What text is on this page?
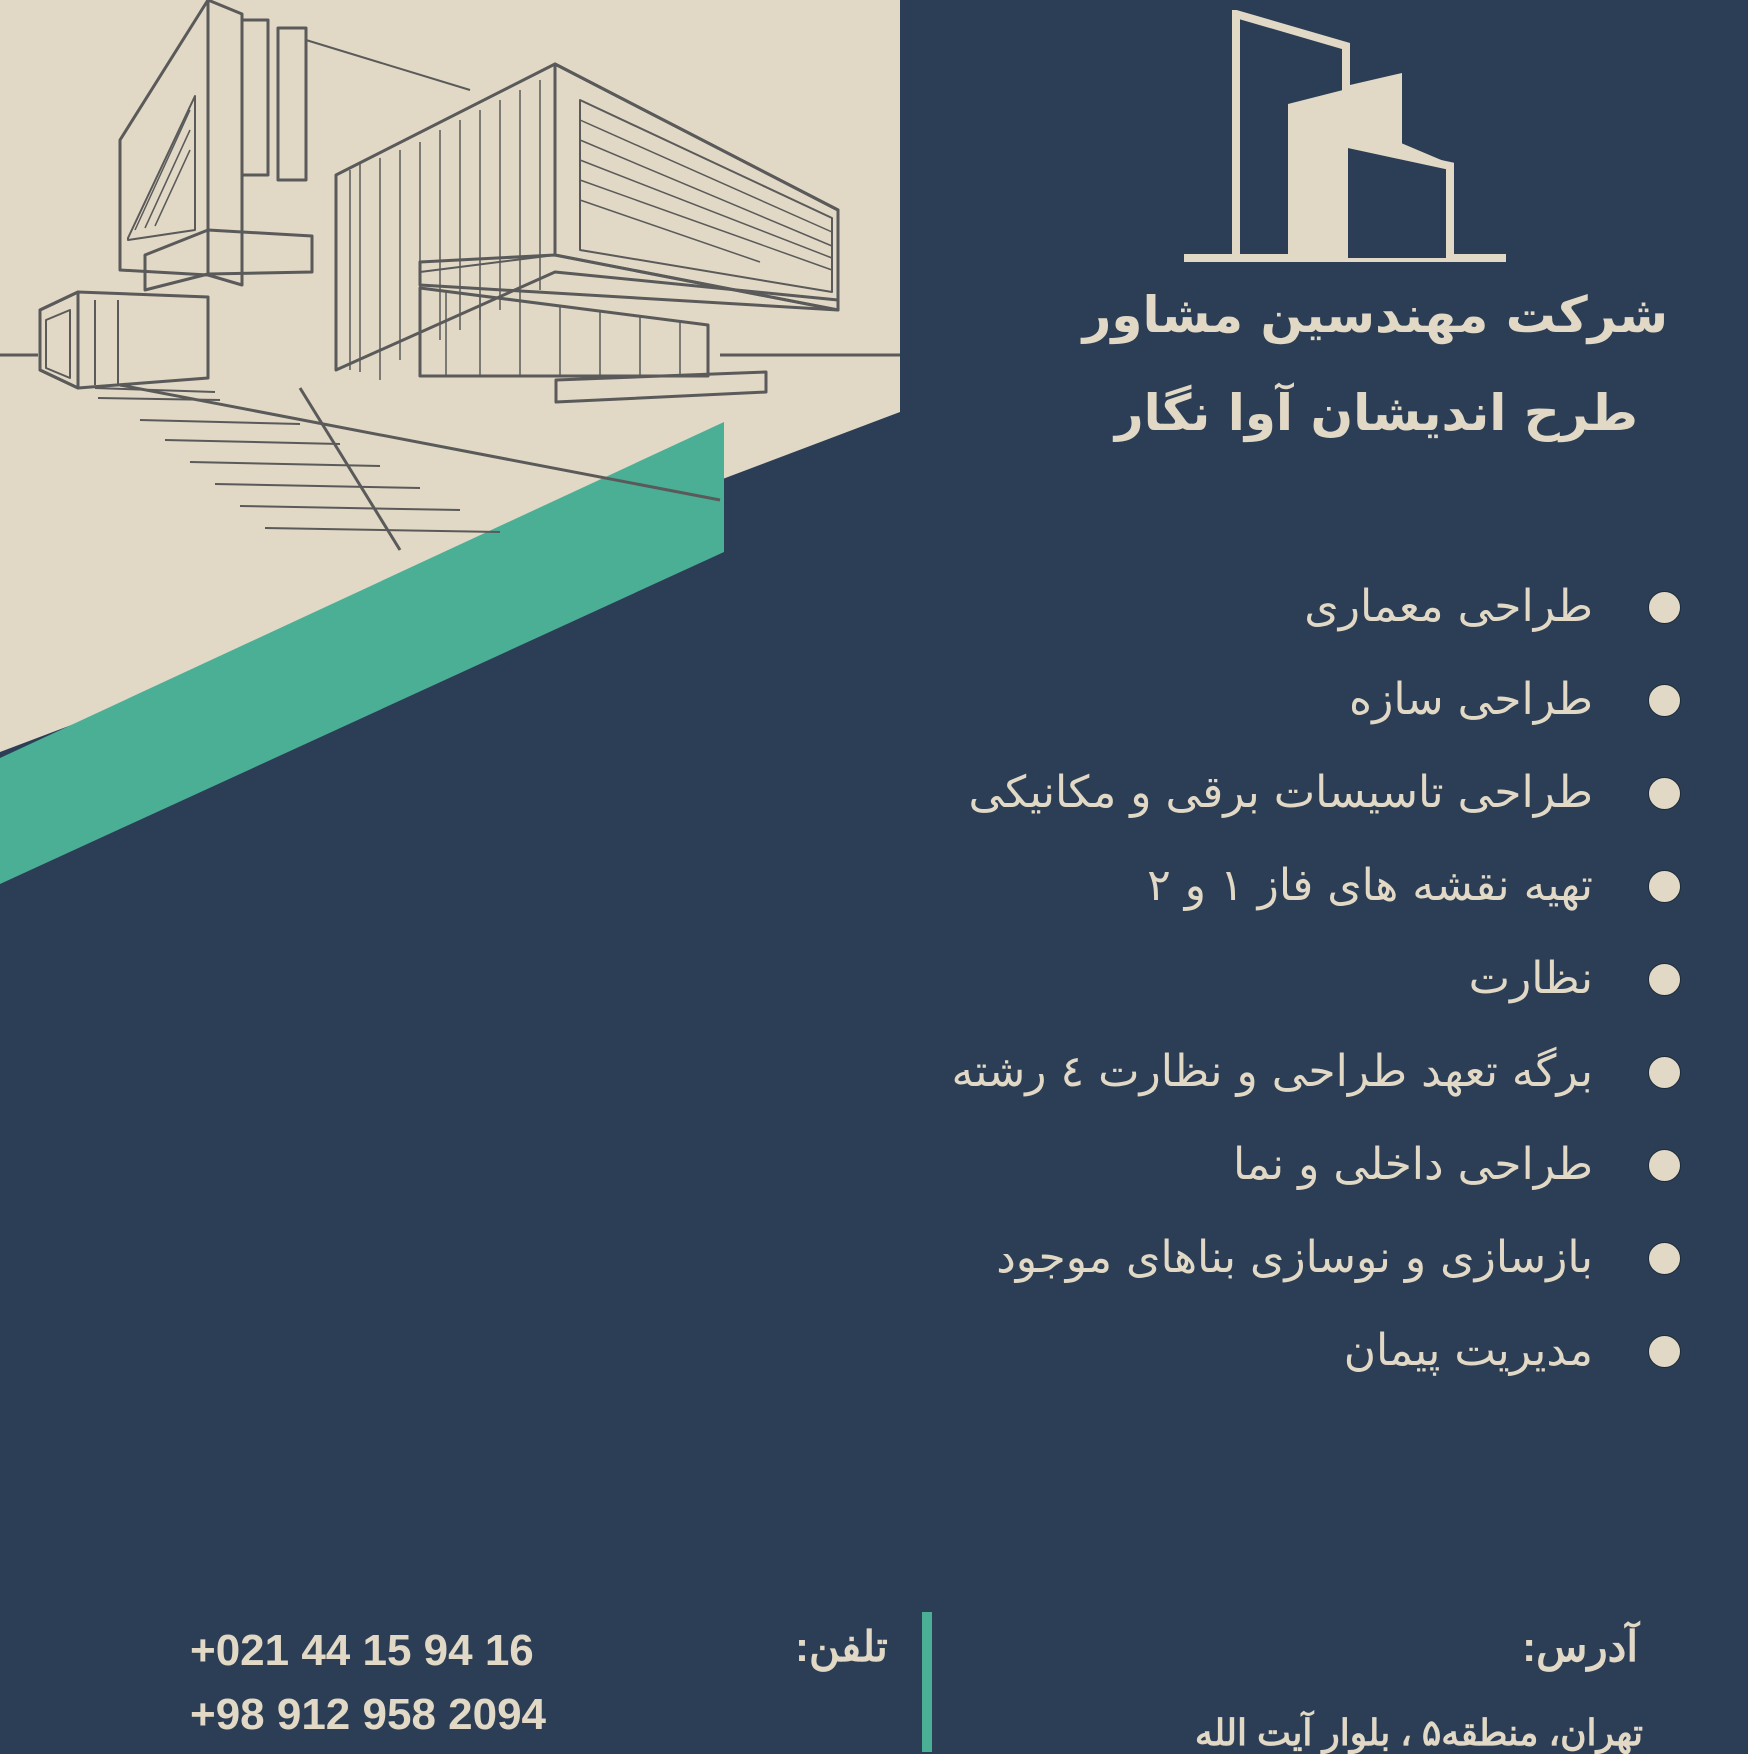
شرکت مهندسین مشاور
طرح اندیشان آوا نگار
طراحی معماری
طراحی سازه
طراحی تاسیسات برقی و مکانیکی
تهیه نقشه های فاز ۱ و ۲
نظارت
برگه تعهد طراحی و نظارت ٤ رشته
طراحی داخلی و نما
بازسازی و نوسازی بناهای موجود
مدیریت پیمان
آدرس:
تهران، منطقه۵ ، بلوار آیت الله
تلفن:
+021 44 15 94 16
+98 912 958 2094
